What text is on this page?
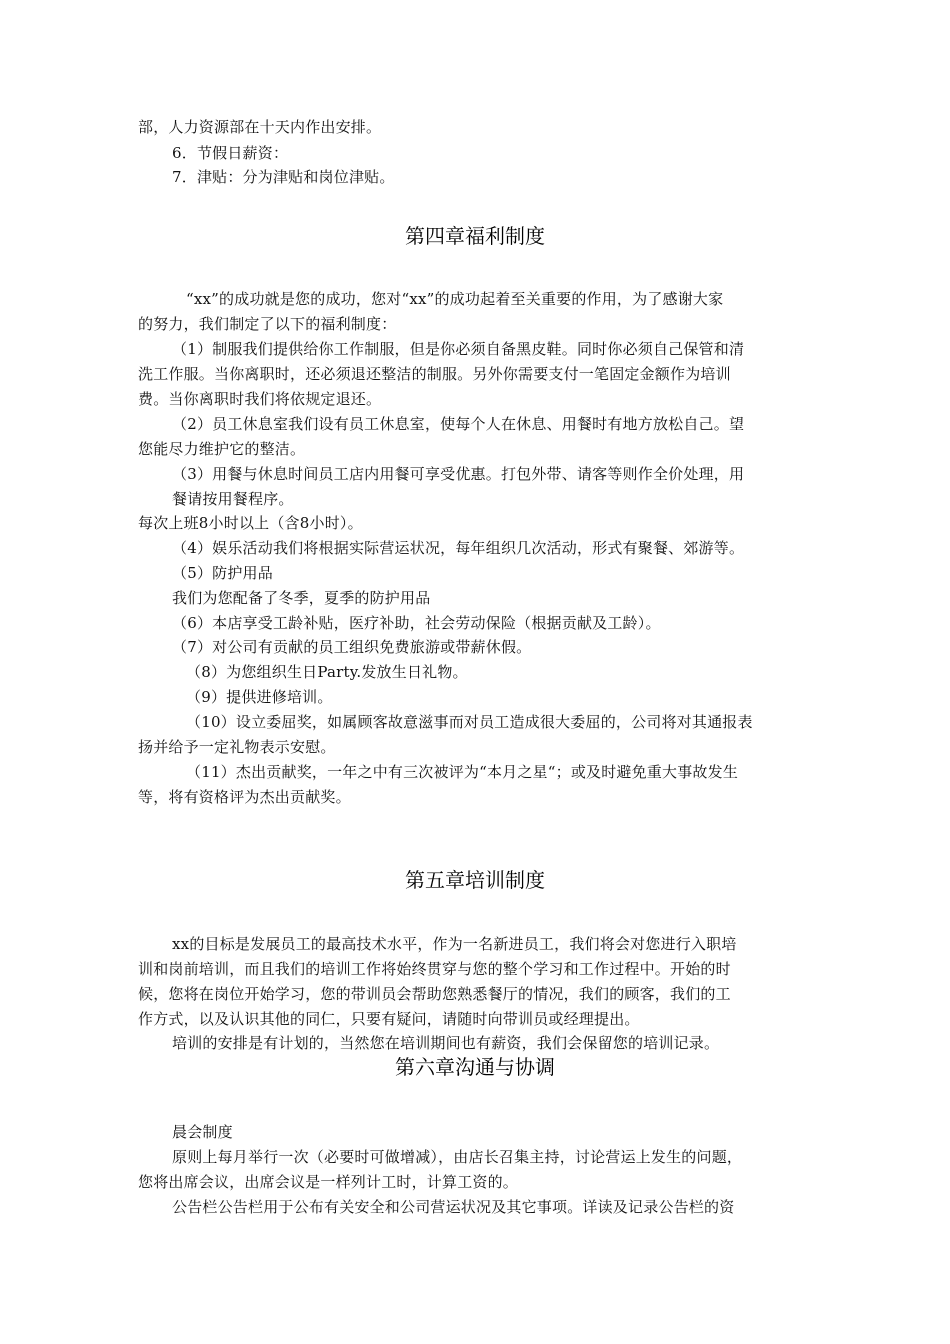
部，人力资源部在十天内作出安排。
6．节假日薪资：
7．津贴：分为津贴和岗位津贴。
第四章福利制度
“xx”的成功就是您的成功，您对“xx”的成功起着至关重要的作用，为了感谢大家
的努力，我们制定了以下的福利制度：
（1）制服我们提供给你工作制服，但是你必须自备黑皮鞋。同时你必须自己保管和清
洗工作服。当你离职时，还必须退还整洁的制服。另外你需要支付一笔固定金额作为培训
费。当你离职时我们将依规定退还。
（2）员工休息室我们设有员工休息室，使每个人在休息、用餐时有地方放松自己。望
您能尽力维护它的整洁。
（3）用餐与休息时间员工店内用餐可享受优惠。打包外带、请客等则作全价处理，用
餐请按用餐程序。
每次上班8小时以上（含8小时）。
（4）娱乐活动我们将根据实际营运状况，每年组织几次活动，形式有聚餐、郊游等。
（5）防护用品
我们为您配备了冬季，夏季的防护用品
（6）本店享受工龄补贴，医疗补助，社会劳动保险（根据贡献及工龄）。
（7）对公司有贡献的员工组织免费旅游或带薪休假。
（8）为您组织生日Party.发放生日礼物。
（9）提供进修培训。
（10）设立委屈奖，如属顾客故意滋事而对员工造成很大委屈的，公司将对其通报表
扬并给予一定礼物表示安慰。
（11）杰出贡献奖，一年之中有三次被评为“本月之星“；或及时避免重大事故发生
等，将有资格评为杰出贡献奖。
第五章培训制度
xx的目标是发展员工的最高技术水平，作为一名新进员工，我们将会对您进行入职培
训和岗前培训，而且我们的培训工作将始终贯穿与您的整个学习和工作过程中。开始的时
候，您将在岗位开始学习，您的带训员会帮助您熟悉餐厅的情况，我们的顾客，我们的工
作方式，以及认识其他的同仁，只要有疑问，请随时向带训员或经理提出。
培训的安排是有计划的，当然您在培训期间也有薪资，我们会保留您的培训记录。
第六章沟通与协调
晨会制度
原则上每月举行一次（必要时可做增减），由店长召集主持，讨论营运上发生的问题，
您将出席会议，出席会议是一样列计工时，计算工资的。
公告栏公告栏用于公布有关安全和公司营运状况及其它事项。详读及记录公告栏的资
